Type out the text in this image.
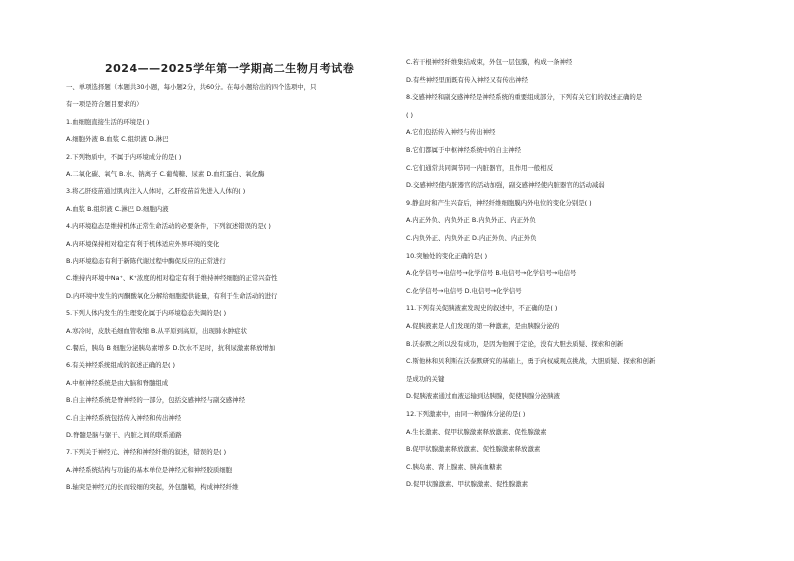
2024——2025学年第一学期高二生物月考试卷
一、单项选择题（本题共30小题，每小题2分，共60分。在每小题给出的四个选项中，只
有一项是符合题目要求的）
1.血细胞直接生活的环境是( )
A.细胞外液 B.血浆 C.组织液 D.淋巴
2.下列物质中，不属于内环境成分的是( )
A.二氧化碳、氧气 B.水、钠离子 C.葡萄糖、尿素 D.血红蛋白、氧化酶
3.将乙肝疫苗通过肌肉注入人体时，乙肝疫苗首先进入人体的( )
A.血浆 B.组织液 C.淋巴 D.细胞内液
4.内环境稳态是维持机体正常生命活动的必要条件，下列叙述错误的是( )
A.内环境保持相对稳定有利于机体适应外界环境的变化
B.内环境稳态有利于新陈代谢过程中酶促反应的正常进行
C.维持内环境中Na⁺、K⁺浓度的相对稳定有利于维持神经细胞的正常兴奋性
D.内环境中发生的丙酮酸氧化分解给细胞提供能量，有利于生命活动的进行
5.下列人体内发生的生理变化属于内环境稳态失调的是( )
A.寒冷时，皮肤毛细血管收缩 B.从平原到高原，出现肺水肿症状
C.餐后，胰岛 B 细胞分泌胰岛素增多 D.饮水不足时，抗利尿激素释放增加
6.有关神经系统组成的叙述正确的是( )
A.中枢神经系统是由大脑和脊髓组成
B.自主神经系统是脊神经的一部分，包括交感神经与副交感神经
C.自主神经系统包括传入神经和传出神经
D.脊髓是脑与躯干、内脏之间的联系通路
7.下列关于神经元、神经和神经纤维的叙述，错误的是( )
A.神经系统结构与功能的基本单位是神经元和神经胶质细胞
B.轴突是神经元的长而较细的突起，外包髓鞘，构成神经纤维
C.若干根神经纤维集结成束，外包一层包膜，构成一条神经
D.有些神经里面既有传入神经又有传出神经
8.交感神经和副交感神经是神经系统的重要组成部分，下列有关它们的叙述正确的是
( )
A.它们包括传入神经与传出神经
B.它们都属于中枢神经系统中的自主神经
C.它们通常共同调节同一内脏器官，且作用一般相反
D.交感神经使内脏器官的活动加强，副交感神经使内脏器官的活动减弱
9.静息时和产生兴奋后，神经纤维细胞膜内外电位的变化分别是( )
A.内正外负、内负外正 B.内负外正、内正外负
C.内负外正、内负外正 D.内正外负、内正外负
10.突触处的变化正确的是( )
A.化学信号→电信号→化学信号 B.电信号→化学信号→电信号
C.化学信号→电信号 D.电信号→化学信号
11.下列有关促胰液素发现史的叙述中，不正确的是( )
A.促胰液素是人们发现的第一种激素，是由胰腺分泌的
B.沃泰默之所以没有成功，是因为他囿于定论，没有大胆去质疑、探索和创新
C.斯他林和贝利斯在沃泰默研究的基础上，勇于向权威观点挑战，大胆质疑、探索和创新
是成功的关键
D.促胰液素通过血液运输到达胰腺，促使胰腺分泌胰液
12.下列激素中，由同一种腺体分泌的是( )
A.生长激素、促甲状腺激素释放激素、促性腺激素
B.促甲状腺激素释放激素、促性腺激素释放激素
C.胰岛素、肾上腺素、胰高血糖素
D.促甲状腺激素、甲状腺激素、促性腺激素
